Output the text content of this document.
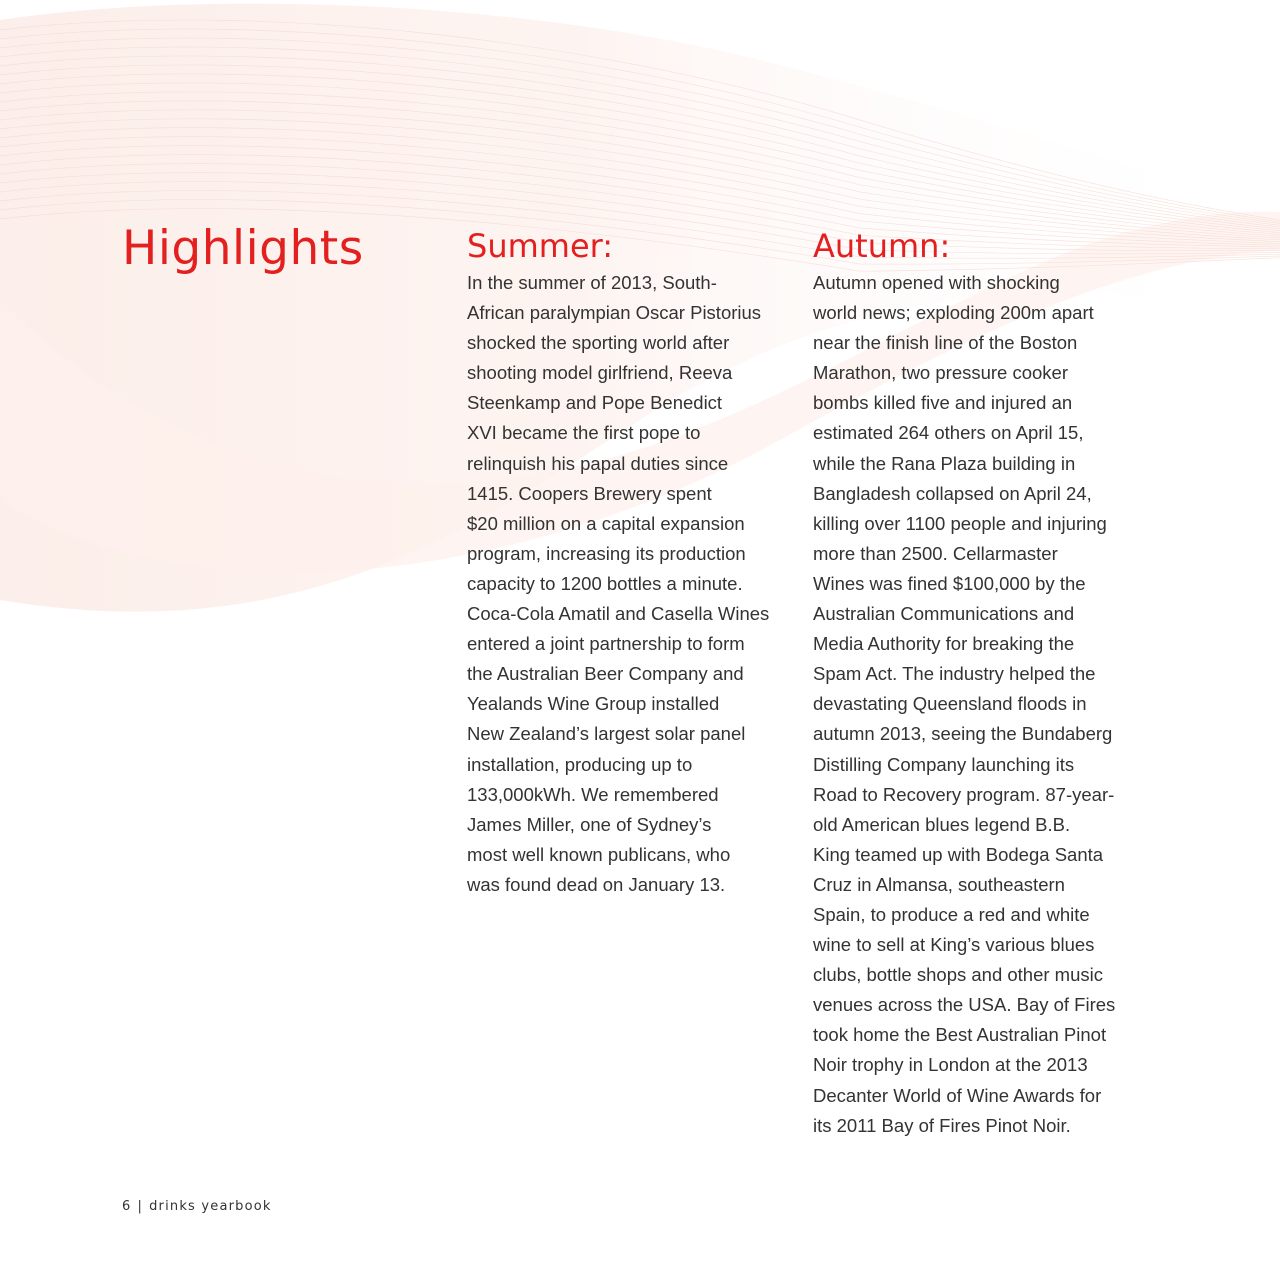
Highlights	Summer:
In the summer of 2013, South-
African paralympian Oscar Pistorius
shocked the sporting world after
shooting model girlfriend, Reeva
Steenkamp and Pope Benedict
XVI became the first pope to
relinquish his papal duties since
1415. Coopers Brewery spent
$20 million on a capital expansion
program, increasing its production
capacity to 1200 bottles a minute.
Coca-Cola Amatil and Casella Wines
entered a joint partnership to form
the Australian Beer Company and
Yealands Wine Group installed
New Zealand’s largest solar panel
installation, producing up to
133,000kWh. We remembered
James Miller, one of Sydney’s
most well known publicans, who
was found dead on January 13.
Autumn:
Autumn opened with shocking
world news; exploding 200m apart
near the finish line of the Boston
Marathon, two pressure cooker
bombs killed five and injured an
estimated 264 others on April 15,
while the Rana Plaza building in
Bangladesh collapsed on April 24,
killing over 1100 people and injuring
more than 2500. Cellarmaster
Wines was fined $100,000 by the
Australian Communications and
Media Authority for breaking the
Spam Act. The industry helped the
devastating Queensland floods in
autumn 2013, seeing the Bundaberg
Distilling Company launching its
Road to Recovery program. 87-year-
old American blues legend B.B.
King teamed up with Bodega Santa
Cruz in Almansa, southeastern
Spain, to produce a red and white
wine to sell at King’s various blues
clubs, bottle shops and other music
venues across the USA. Bay of Fires
took home the Best Australian Pinot
Noir trophy in London at the 2013
Decanter World of Wine Awards for
its 2011 Bay of Fires Pinot Noir.
6 | drinks yearbook
